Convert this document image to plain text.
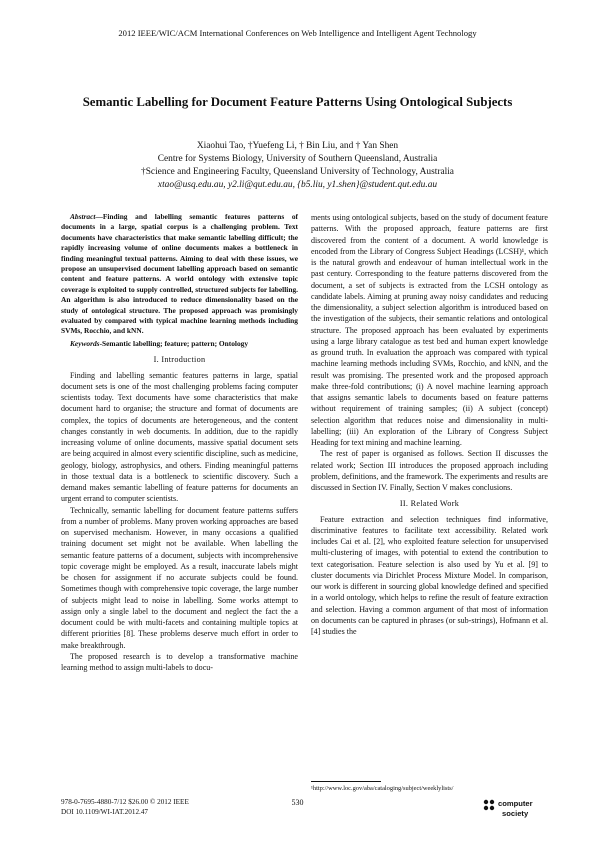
2012 IEEE/WIC/ACM International Conferences on Web Intelligence and Intelligent Agent Technology
Semantic Labelling for Document Feature Patterns Using Ontological Subjects
Xiaohui Tao, †Yuefeng Li, † Bin Liu, and † Yan Shen
Centre for Systems Biology, University of Southern Queensland, Australia
†Science and Engineering Faculty, Queensland University of Technology, Australia
xtao@usq.edu.au, y2.li@qut.edu.au, {b5.liu, y1.shen}@student.qut.edu.au
Abstract—Finding and labelling semantic features patterns of documents in a large, spatial corpus is a challenging problem. Text documents have characteristics that make semantic labelling difficult; the rapidly increasing volume of online documents makes a bottleneck in finding meaningful textual patterns. Aiming to deal with these issues, we propose an unsupervised document labelling approach based on semantic content and feature patterns. A world ontology with extensive topic coverage is exploited to supply controlled, structured subjects for labelling. An algorithm is also introduced to reduce dimensionality based on the study of ontological structure. The proposed approach was promisingly evaluated by compared with typical machine learning methods including SVMs, Rocchio, and kNN.
Keywords-Semantic labelling; feature; pattern; Ontology
I. Introduction

Finding and labelling semantic features patterns in large, spatial document sets is one of the most challenging problems facing computer scientists today. Text documents have some characteristics that make document hard to organise; the structure and format of documents are complex, the topics of documents are heterogeneous, and the content changes constantly in web documents. In addition, due to the rapidly increasing volume of online documents, massive spatial document sets are being acquired in almost every scientific discipline, such as medicine, geology, biology, astrophysics, and others. Finding meaningful patterns in those textual data is a bottleneck to scientific discovery. Such a demand makes semantic labelling of feature patterns for documents an urgent errand to computer scientists.

Technically, semantic labelling for document feature patterns suffers from a number of problems. Many proven working approaches are based on supervised mechanism. However, in many occasions a qualified training document set might not be available. When labelling the semantic feature patterns of a document, subjects with incomprehensive topic coverage might be employed. As a result, inaccurate labels might be chosen for assignment if no accurate subjects could be found. Sometimes though with comprehensive topic coverage, the large number of subjects might lead to noise in labelling. Some works attempt to assign only a single label to the document and neglect the fact the a document could be with multi-facets and containing multiple topics at different priorities [8]. These problems deserve much effort in order to make breakthrough.

The proposed research is to develop a transformative machine learning method to assign multi-labels to docu-

ments using ontological subjects, based on the study of document feature patterns. With the proposed approach, feature patterns are first discovered from the content of a document. A world knowledge is encoded from the Library of Congress Subject Headings (LCSH)¹, which is the natural growth and endeavour of human intellectual work in the past century. Corresponding to the feature patterns discovered from the document, a set of subjects is extracted from the LCSH ontology as candidate labels. Aiming at pruning away noisy candidates and reducing the dimensionality, a subject selection algorithm is introduced based on the investigation of the subjects, their semantic relations and ontological structure. The proposed approach has been evaluated by experiments using a large library catalogue as test bed and human expert knowledge as ground truth. In evaluation the approach was compared with typical machine learning methods including SVMs, Rocchio, and kNN, and the result was promising. The presented work and the proposed approach make three-fold contributions; (i) A novel machine learning approach that assigns semantic labels to documents based on feature patterns without requirement of training samples; (ii) A subject (concept) selection algorithm that reduces noise and dimensionality in multi-labelling; (iii) An exploration of the Library of Congress Subject Heading for text mining and machine learning.

The rest of paper is organised as follows. Section II discusses the related work; Section III introduces the proposed approach including problem, definitions, and the framework. The experiments and results are discussed in Section IV. Finally, Section V makes conclusions.

II. Related Work

Feature extraction and selection techniques find informative, discriminative features to facilitate text accessibility. Related work includes Cai et al. [2], who exploited feature selection for unsupervised multi-clustering of images, with potential to extend the contribution to text categorisation. Feature selection is also used by Yu et al. [9] to cluster documents via Dirichlet Process Mixture Model. In comparison, our work is different in sourcing global knowledge defined and specified in a world ontology, which helps to refine the result of feature extraction and selection. Having a common argument of that most of information on documents can be captured in phrases (or sub-strings), Hofmann et al. [4] studies the

¹http://www.loc.gov/aba/cataloging/subject/weeklylists/
978-0-7695-4880-7/12 $26.00 © 2012 IEEE
DOI 10.1109/WI-IAT.2012.47
530	computer
society
